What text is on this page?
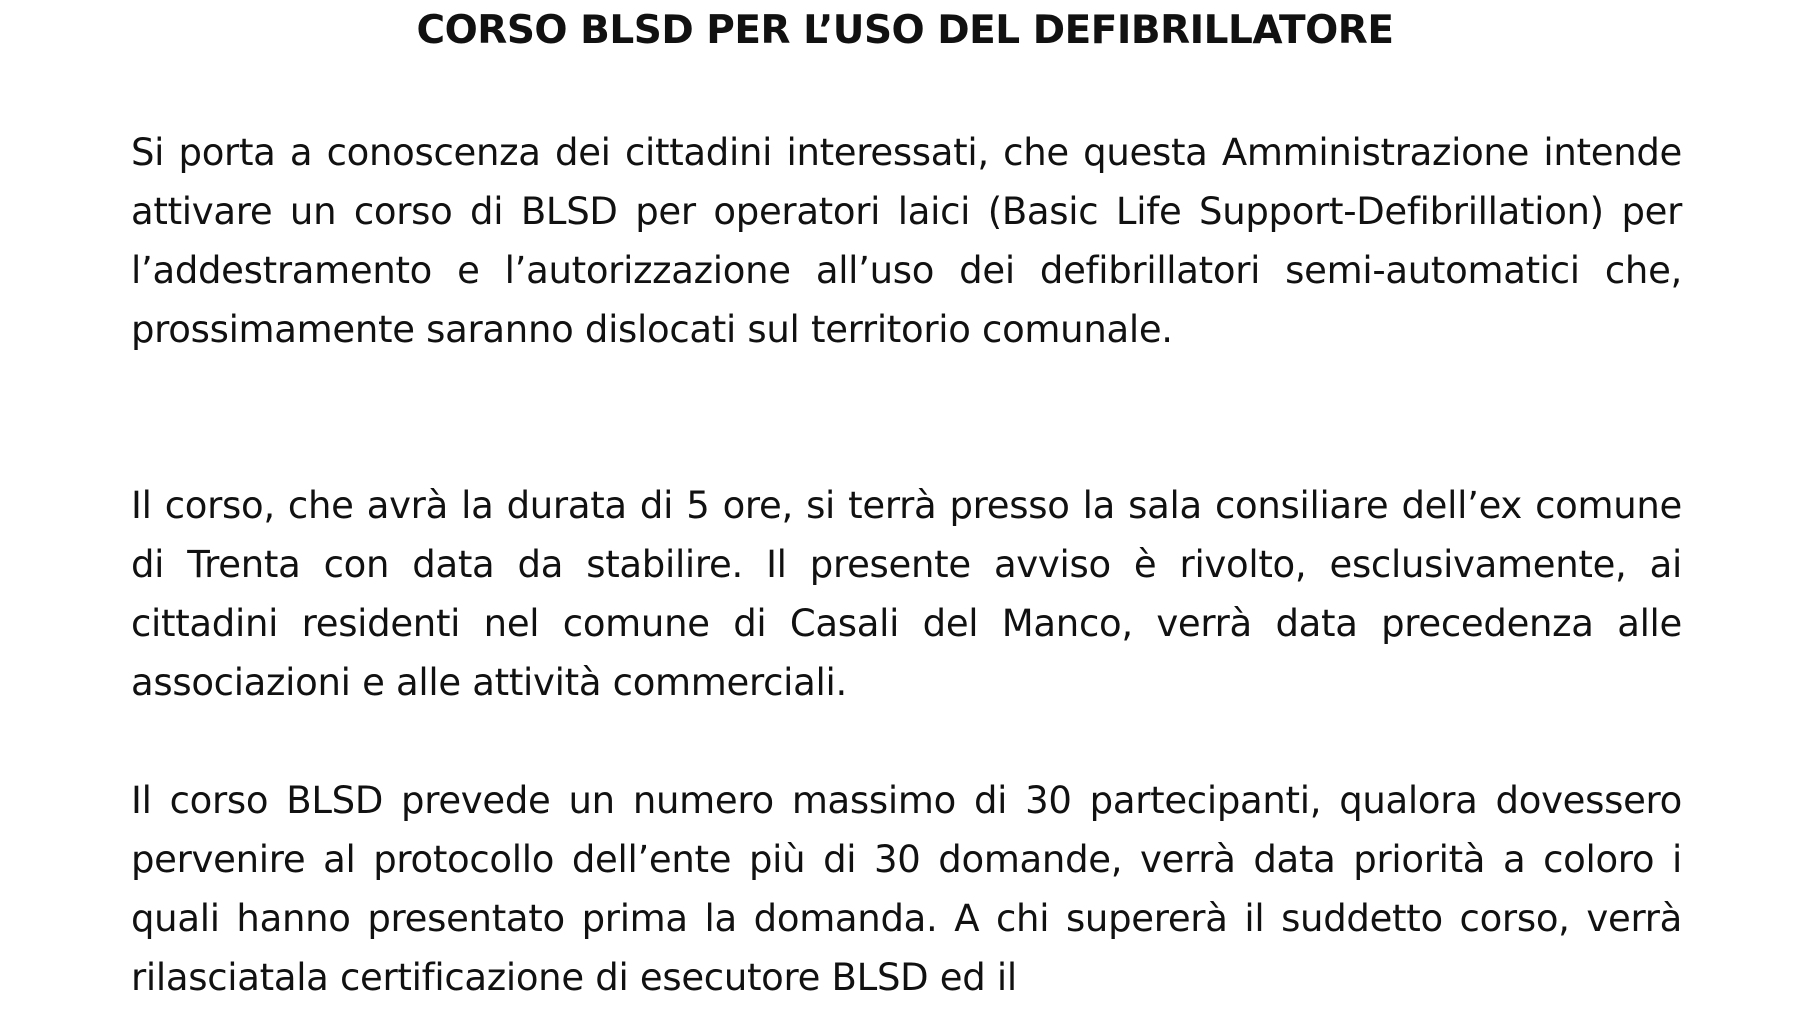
CORSO BLSD PER L’USO DEL DEFIBRILLATORE

Si porta a conoscenza dei cittadini interessati, che questa Amministrazione intende attivare un corso di BLSD per operatori laici (Basic Life Support-Defibrillation) per l’addestramento e l’autorizzazione all’uso dei defibrillatori semi-automatici che, prossimamente saranno dislocati sul territorio comunale.

Il corso, che avrà la durata di 5 ore, si terrà presso la sala consiliare dell’ex comune di Trenta con data da stabilire. Il presente avviso è rivolto, esclusivamente, ai cittadini residenti nel comune di Casali del Manco, verrà data precedenza alle associazioni e alle attività commerciali.

Il corso BLSD prevede un numero massimo di 30 partecipanti, qualora dovessero pervenire al protocollo dell’ente più di 30 domande, verrà data priorità a coloro i quali hanno presentato prima la domanda. A chi supererà il suddetto corso, verrà rilasciatala certificazione di esecutore BLSD ed il
